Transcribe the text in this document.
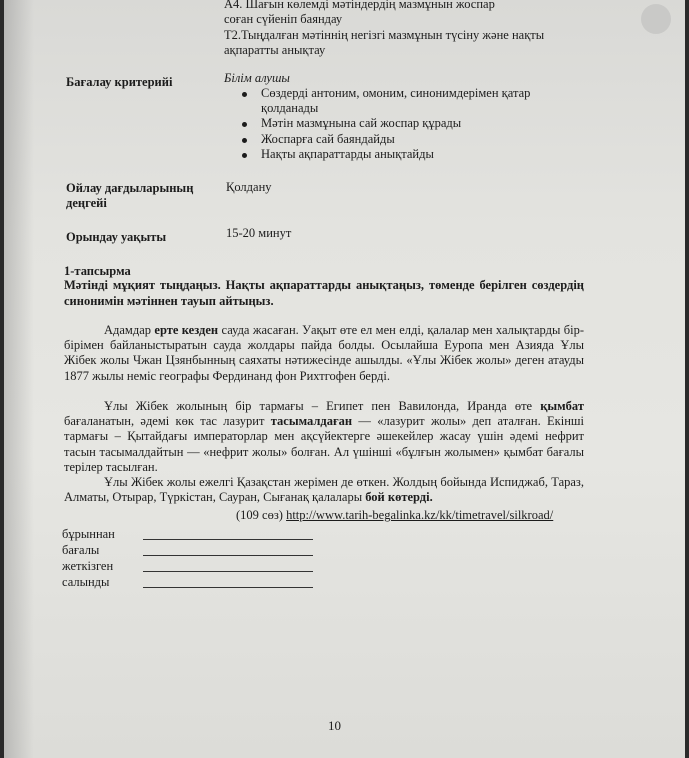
А4. Шағын көлемді мәтіндердің мазмұнын жоспар
соған сүйеніп баяндау
Т2.Тыңдалған мәтіннің негізгі мазмұнын түсіну және нақты
ақпаратты анықтау
Бағалау критерийі	Білім алушы
Сөздерді антоним, омоним, синонимдерімен қатар
қолданады
Мәтін мазмұнына сай жоспар құрады
Жоспарға сай баяндайды
Нақты ақпараттарды анықтайды
Ойлау дағдыларының
деңгейі
Қолдану
Орындау уақыты	15-20 минут
1-тапсырма
Мәтінді мұқият тыңдаңыз. Нақты ақпараттарды анықтаңыз, төменде берілген сөздердің синонимін мәтіннен тауып айтыңыз.
Адамдар ерте кезден сауда жасаған. Уақыт өте ел мен елді, қалалар мен халықтарды бір-бірімен байланыстыратын сауда жолдары пайда болды. Осылайша Еуропа мен Азияда Ұлы Жібек жолы Чжан Цзянбынның саяхаты нәтижесінде ашылды. «Ұлы Жібек жолы» деген атауды 1877 жылы неміс географы Фердинанд фон Рихтгофен берді.
Ұлы Жібек жолының бір тармағы – Египет пен Вавилонда, Иранда өте қымбат бағаланатын, әдемі көк тас лазурит тасымалдаған — «лазурит жолы» деп аталған. Екінші тармағы – Қытайдағы императорлар мен ақсүйектерге әшекейлер жасау үшін әдемі нефрит тасын тасымалдайтын — «нефрит жолы» болған. Ал үшінші «бұлғын жолымен» қымбат бағалы терілер тасылған.
Ұлы Жібек жолы ежелгі Қазақстан жерімен де өткен. Жолдың бойында Испиджаб, Тараз, Алматы, Отырар, Түркістан, Сауран, Сығанақ қалалары бой көтерді.
(109 сөз) http://www.tarih-begalinka.kz/kk/timetravel/silkroad/
бұрыннан
бағалы
жеткізген
салынды
10
